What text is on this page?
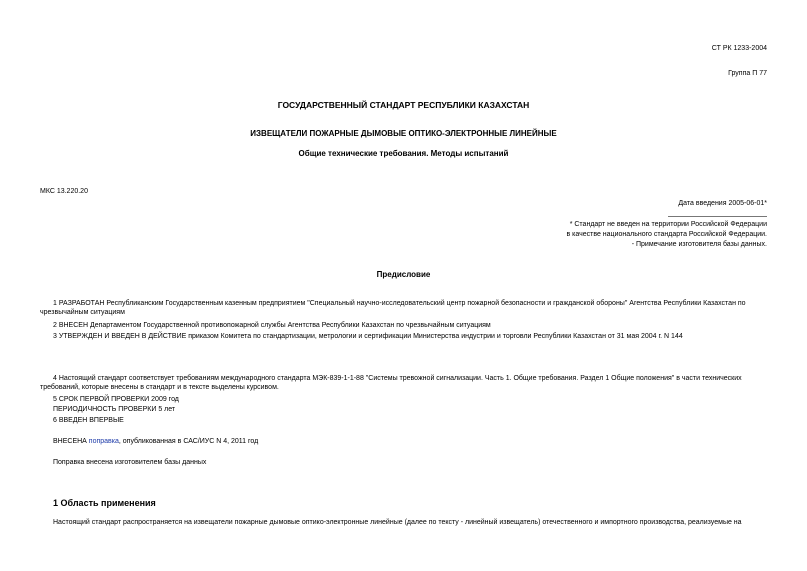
СТ РК 1233-2004
Группа П 77
ГОСУДАРСТВЕННЫЙ СТАНДАРТ РЕСПУБЛИКИ КАЗАХСТАН
ИЗВЕЩАТЕЛИ ПОЖАРНЫЕ ДЫМОВЫЕ ОПТИКО-ЭЛЕКТРОННЫЕ ЛИНЕЙНЫЕ
Общие технические требования. Методы испытаний
МКС 13.220.20
Дата введения 2005-06-01*
* Стандарт не введен на территории Российской Федерации
в качестве национального стандарта Российской Федерации.
- Примечание изготовителя базы данных.
Предисловие
1 РАЗРАБОТАН Республиканским Государственным казенным предприятием "Специальный научно-исследовательский центр пожарной безопасности и гражданской обороны" Агентства Республики Казахстан по чрезвычайным ситуациям
2 ВНЕСЕН Департаментом Государственной противопожарной службы Агентства Республики Казахстан по чрезвычайным ситуациям
3 УТВЕРЖДЕН И ВВЕДЕН В ДЕЙСТВИЕ приказом Комитета по стандартизации, метрологии и сертификации Министерства индустрии и торговли Республики Казахстан от 31 мая 2004 г. N 144
4 Настоящий стандарт соответствует требованиям международного стандарта МЭК-839-1-1-88 "Системы тревожной сигнализации. Часть 1. Общие требования. Раздел 1 Общие положения" в части технических требований, которые внесены в стандарт и в тексте выделены курсивом.
5 СРОК ПЕРВОЙ ПРОВЕРКИ 2009 год
ПЕРИОДИЧНОСТЬ ПРОВЕРКИ 5 лет
6 ВВЕДЕН ВПЕРВЫЕ
ВНЕСЕНА поправка, опубликованная в САС/ИУС N 4, 2011 год
Поправка внесена изготовителем базы данных
1 Область применения
Настоящий стандарт распространяется на извещатели пожарные дымовые оптико-электронные линейные (далее по тексту - линейный извещатель) отечественного и импортного производства, реализуемые на
